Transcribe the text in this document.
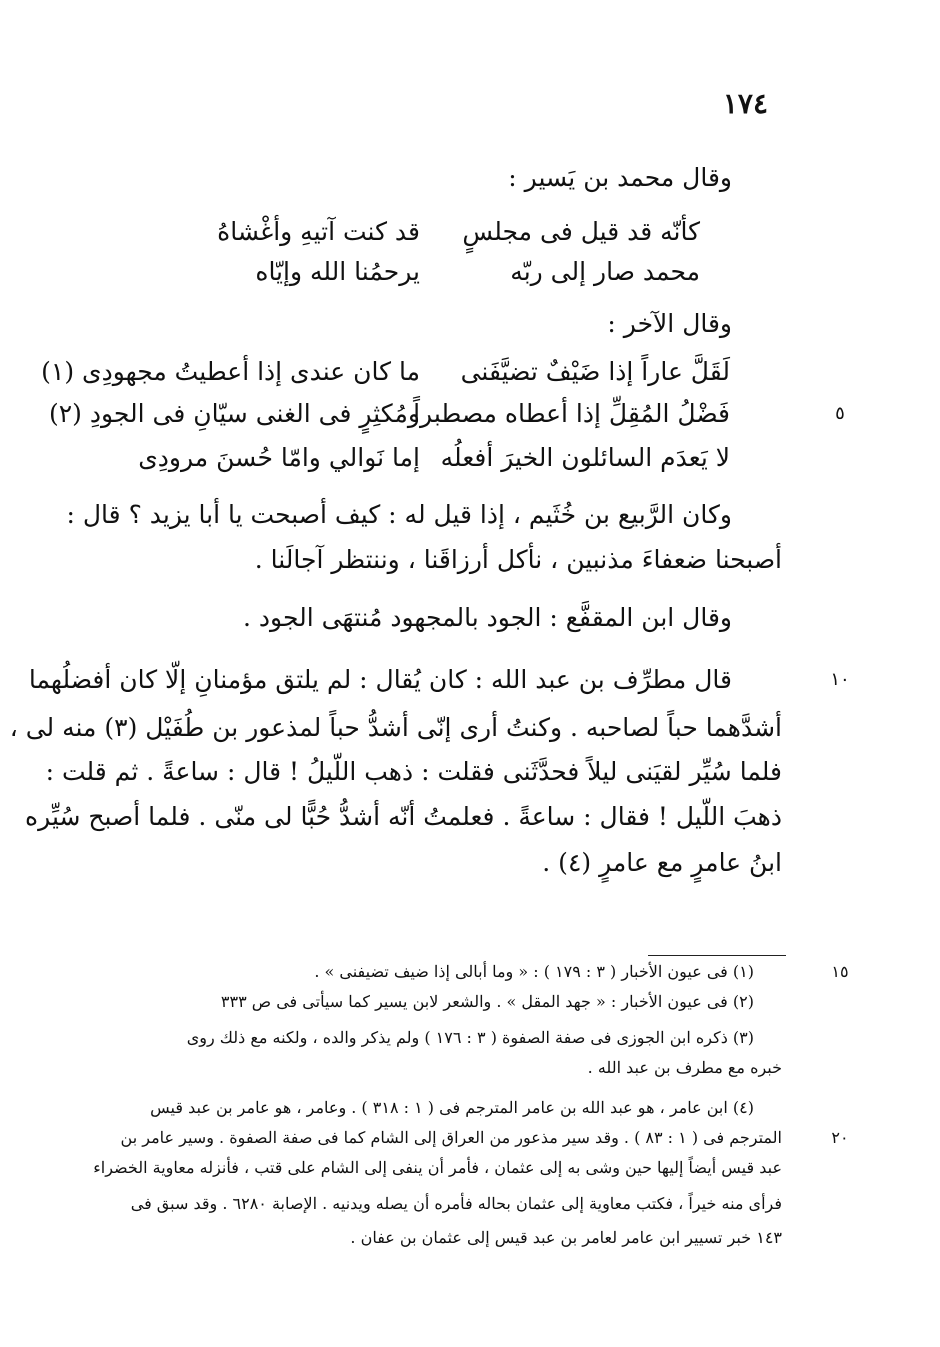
١٧٤
وقال محمد بن يَسير :
كأنّه قد قيل فى مجلسٍ
قد كنت آتيهِ وأغْشاهُ
محمد صار إلى ربّه
يرحمُنا الله وإيّاه
وقال الآخر :
لَقَلَّ عاراً إذا ضَيْفٌ تضيَّفَنى
ما كان عندى إذا أعطيتُ مجهودِى (١)
فَضْلُ المُقِلِّ إذا أعطاه مصطبراً
ومُكثِرٍ فى الغنى سيّانِ فى الجودِ (٢)
لا يَعدَم السائلون الخيرَ أفعلُه
إما نَوالي وامّا حُسنَ مرودِى
٥
وكان الرَّبيع بن خُثَيم ، إذا قيل له : كيف أصبحت يا أبا يزيد ؟ قال :
أصبحنا ضعفاءَ مذنبين ، نأكل أرزاقَنا ، وننتظر آجالَنا .
وقال ابن المقفَّع : الجود بالمجهود مُنتهَى الجود .
قال مطرِّف بن عبد الله : كان يُقال : لم يلتق مؤمنانِ إلّا كان أفضلُهما
أشدَّهما حباً لصاحبه . وكنتُ أرى إنّى أشدُّ حباً لمذعور بن طُفَيْل (٣) منه لى ،
فلما سُيِّر لقيَنى ليلاً فحدَّثَنى فقلت : ذهب اللّيلُ ! قال : ساعةً . ثم قلت :
ذهبَ اللّيل ! فقال : ساعةً . فعلمتُ أنّه أشدُّ حُبًّا لى منّى . فلما أصبح سُيِّره
ابنُ عامرٍ مع عامرٍ (٤) .
١٠
(١) فى عيون الأخبار ( ٣ : ١٧٩ ) : « وما أبالى إذا ضيف تضيفنى » .
(٢) فى عيون الأخبار : « جهد المقل » . والشعر لابن يسير كما سيأتى فى ص ٣٣٣
(٣) ذكره ابن الجوزى فى صفة الصفوة ( ٣ : ١٧٦ ) ولم يذكر والده ، ولكنه مع ذلك روى
خبره مع مطرف بن عبد الله .
(٤) ابن عامر ، هو عبد الله بن عامر المترجم فى ( ١ : ٣١٨ ) . وعامر ، هو عامر بن عبد قيس
المترجم فى ( ١ : ٨٣ ) . وقد سير مذعور من العراق إلى الشام كما فى صفة الصفوة . وسير عامر بن
عبد قيس أيضاً إليها حين وشى به إلى عثمان ، فأمر أن ينفى إلى الشام على قتب ، فأنزله معاوية الخضراء
فرأى منه خيراً ، فكتب معاوية إلى عثمان بحاله فأمره أن يصله ويدنيه . الإصابة ٦٢٨٠ . وقد سبق فى
١٤٣ خبر تسيير ابن عامر لعامر بن عبد قيس إلى عثمان بن عفان .
١٥
٢٠
